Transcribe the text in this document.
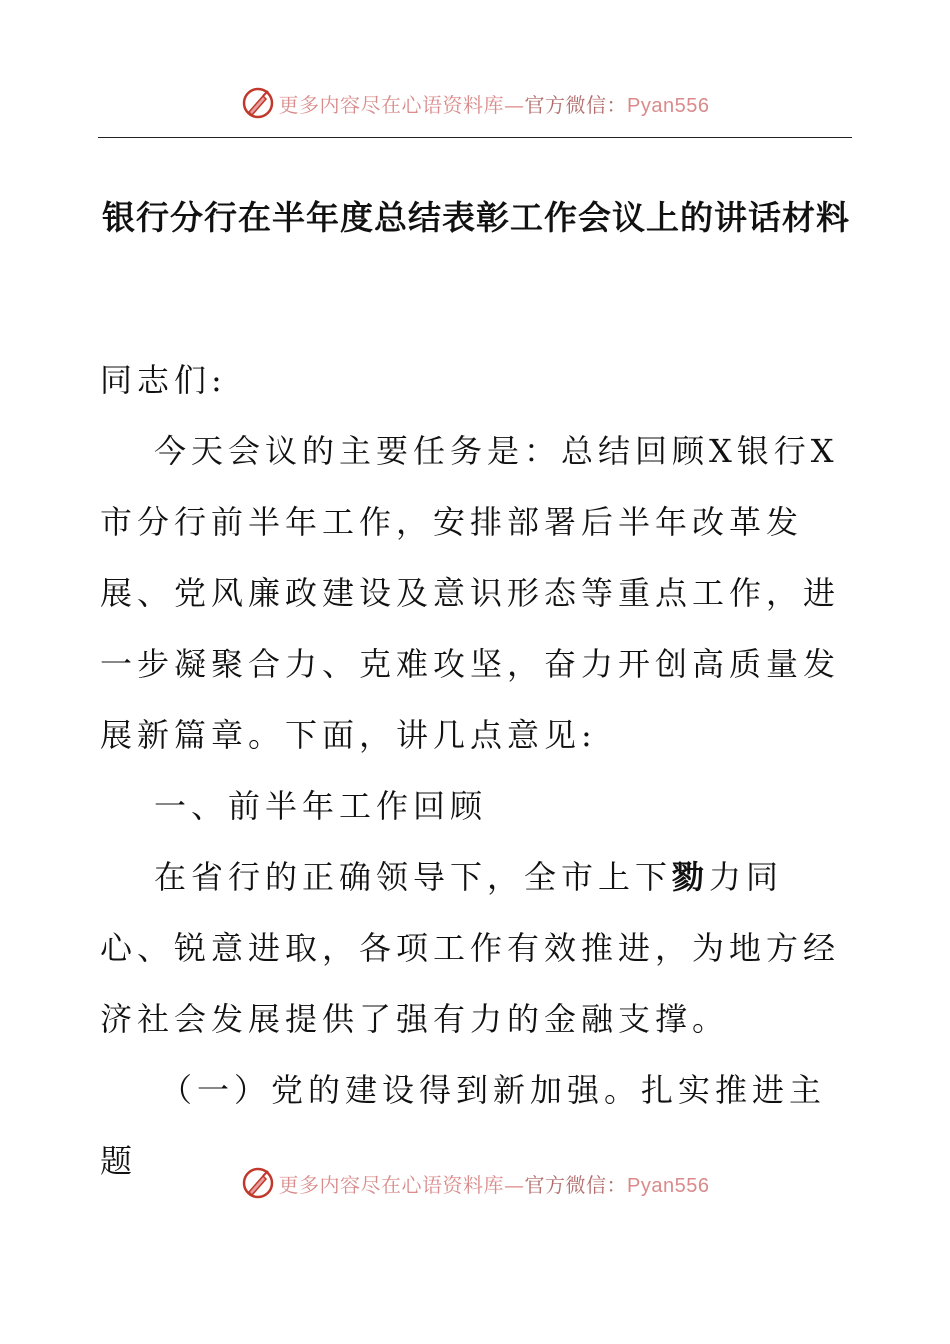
更多内容尽在心语资料库—官方微信：Pyan556
银行分行在半年度总结表彰工作会议上的讲话材料

同志们:

今天会议的主要任务是：总结回顾X银行X市分行前半年工作，安排部署后半年改革发展、党风廉政建设及意识形态等重点工作，进一步凝聚合力、克难攻坚，奋力开创高质量发展新篇章。下面，讲几点意见:

一、前半年工作回顾

在省行的正确领导下，全市上下勠力同心、锐意进取，各项工作有效推进，为地方经济社会发展提供了强有力的金融支撑。

（一）党的建设得到新加强。扎实推进主题

更多内容尽在心语资料库—官方微信：Pyan556
